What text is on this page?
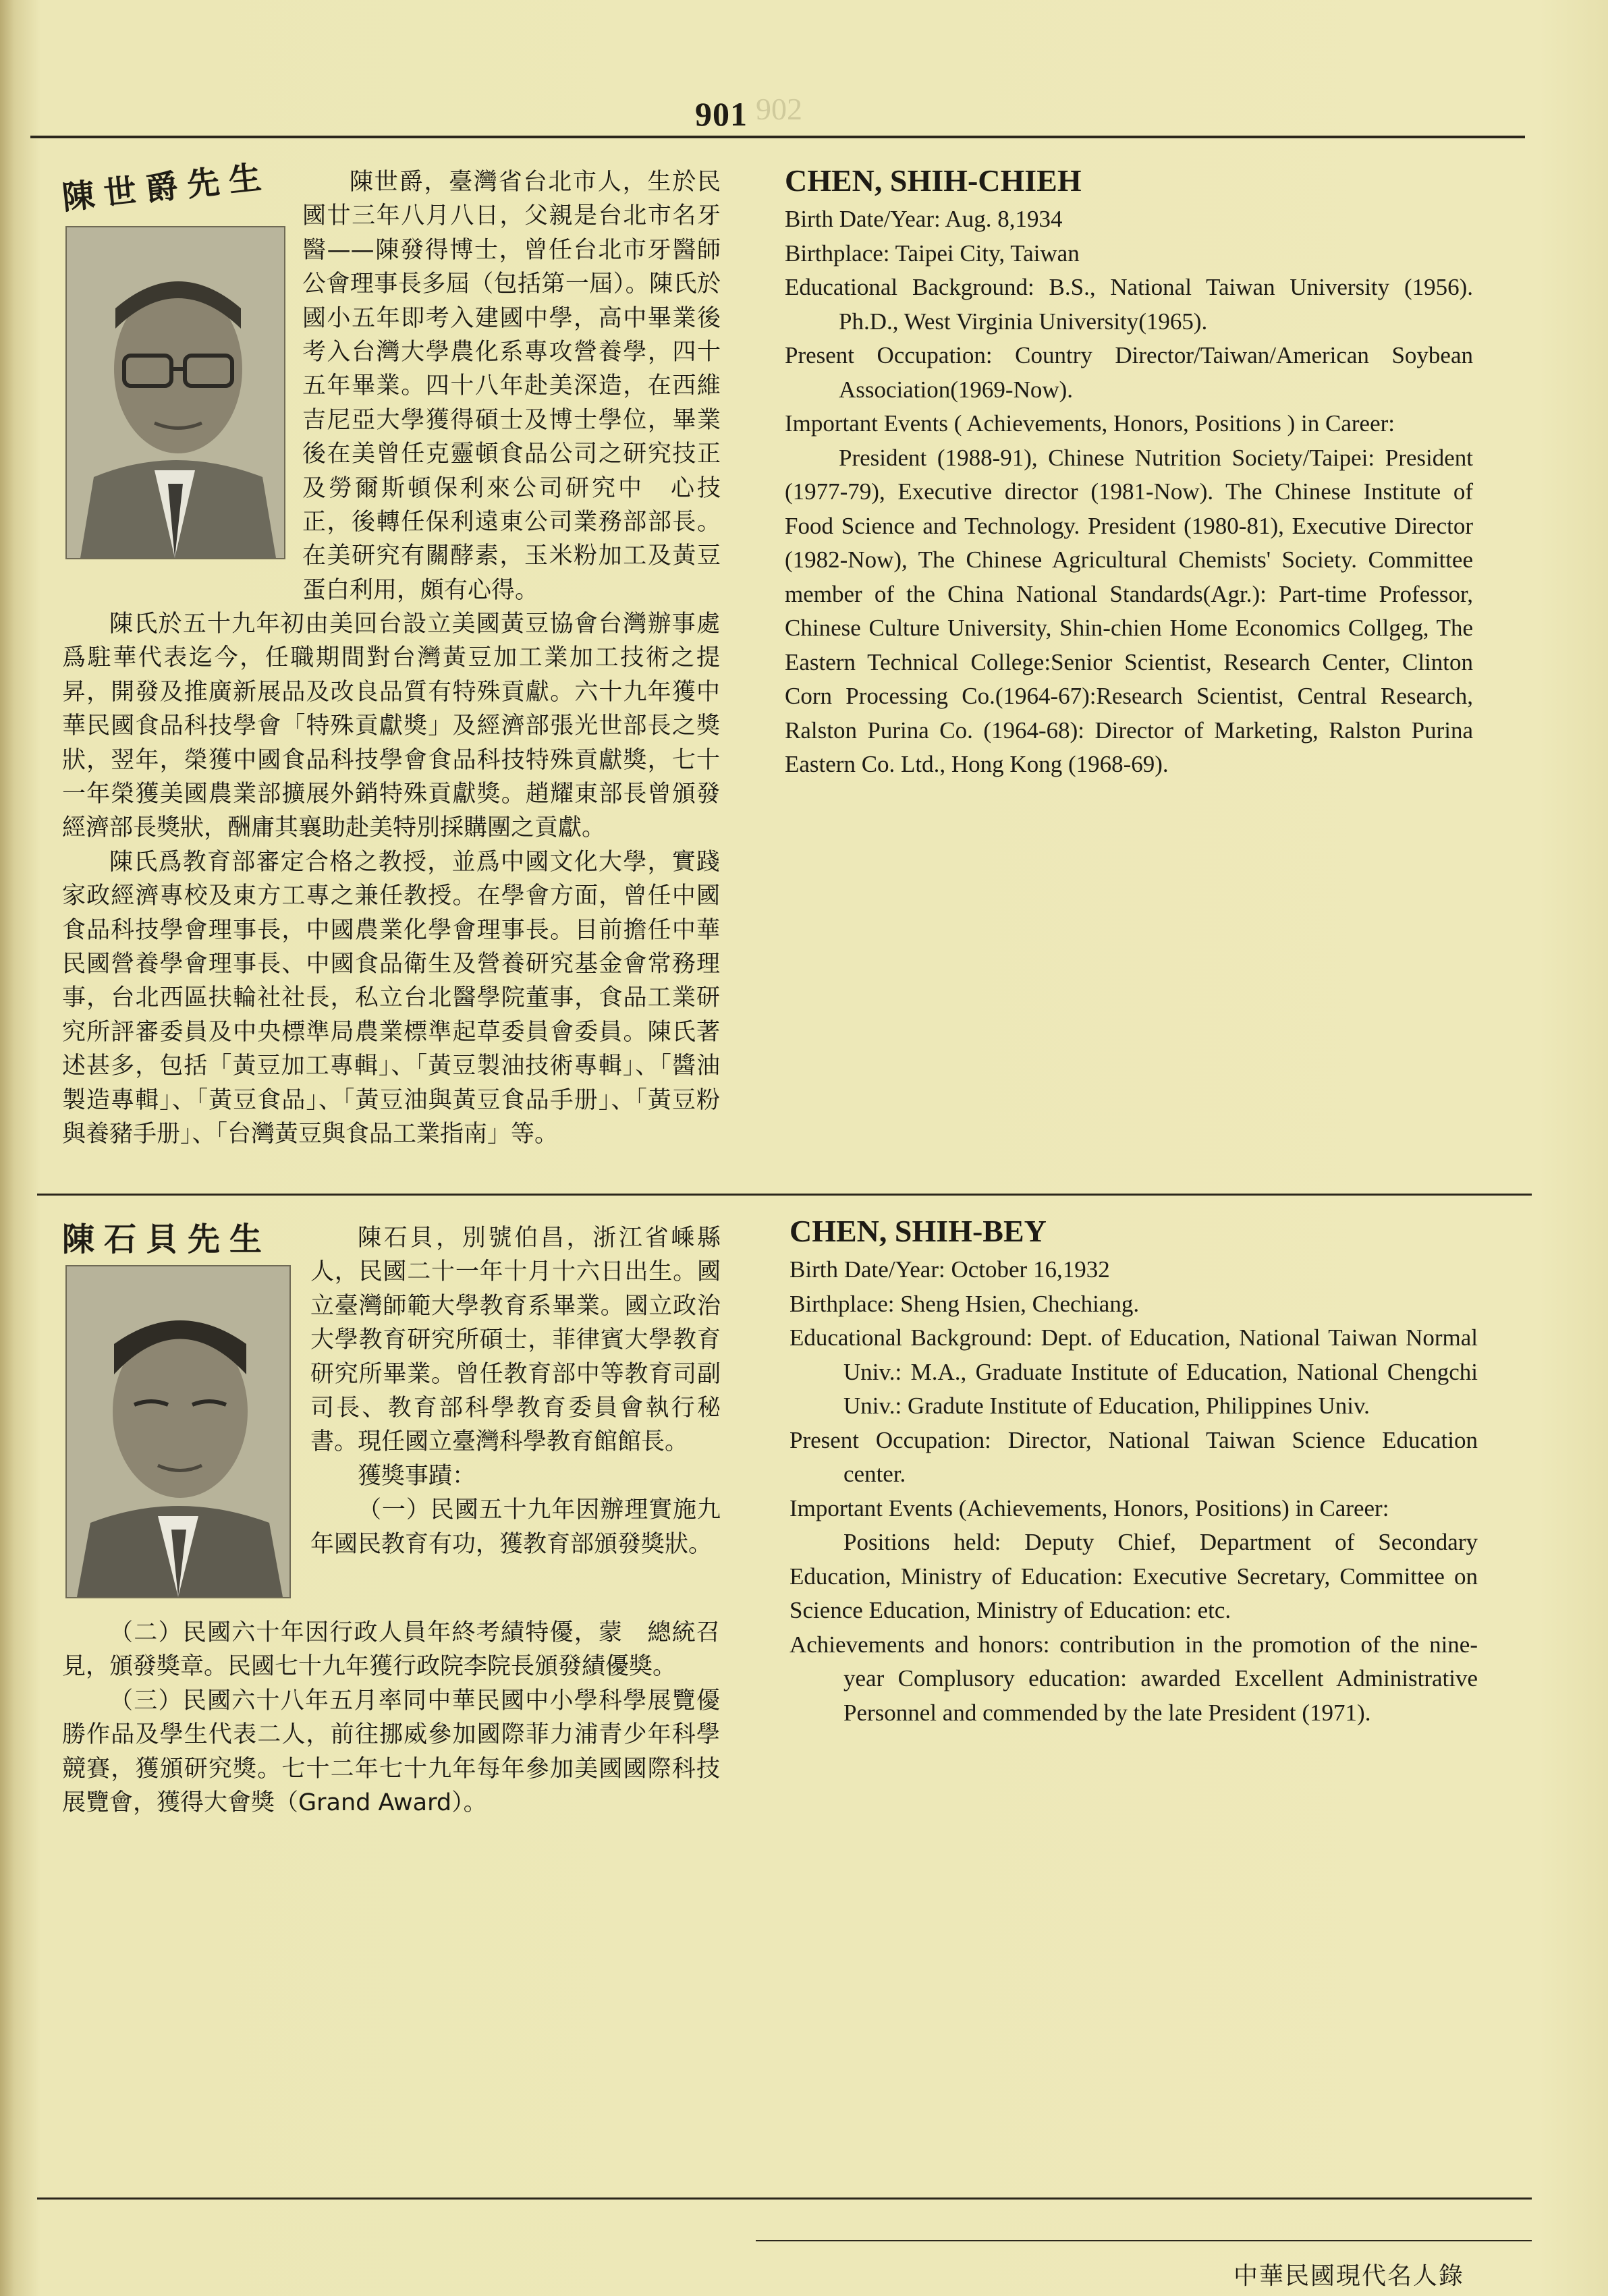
902
901
陳世爵先生	陳世爵，臺灣省台北市人，生於民國廿三年八月八日，父親是台北市名牙醫——陳發得博士，曾任台北市牙醫師公會理事長多屆（包括第一屆）。陳氏於國小五年即考入建國中學，高中畢業後考入台灣大學農化系專攻營養學，四十五年畢業。四十八年赴美深造，在西維吉尼亞大學獲得碩士及博士學位，畢業後在美曾任克靈頓食品公司之研究技正及勞爾斯頓保利來公司研究中　心技正，後轉任保利遠東公司業務部部長。在美研究有關酵素，玉米粉加工及黃豆蛋白利用，頗有心得。

陳氏於五十九年初由美回台設立美國黃豆協會台灣辦事處爲駐華代表迄今，任職期間對台灣黃豆加工業加工技術之提昇，開發及推廣新展品及改良品質有特殊貢獻。六十九年獲中華民國食品科技學會「特殊貢獻獎」及經濟部張光世部長之獎狀，翌年，榮獲中國食品科技學會食品科技特殊貢獻獎，七十一年榮獲美國農業部擴展外銷特殊貢獻獎。趙耀東部長曾頒發經濟部長獎狀，酬庸其襄助赴美特別採購團之貢獻。

陳氏爲教育部審定合格之教授，並爲中國文化大學，實踐家政經濟專校及東方工專之兼任教授。在學會方面，曾任中國食品科技學會理事長，中國農業化學會理事長。目前擔任中華民國營養學會理事長、中國食品衛生及營養研究基金會常務理事，台北西區扶輪社社長，私立台北醫學院董事，食品工業研究所評審委員及中央標準局農業標準起草委員會委員。陳氏著述甚多，包括「黃豆加工專輯」、「黃豆製油技術專輯」、「醬油製造專輯」、「黃豆食品」、「黃豆油與黃豆食品手册」、「黃豆粉與養豬手册」、「台灣黃豆與食品工業指南」等。

CHEN, SHIH-CHIEH
Birth Date/Year: Aug. 8,1934
Birthplace: Taipei City, Taiwan
Educational Background: B.S., National Taiwan University (1956). Ph.D., West Virginia University(1965).
Present Occupation: Country Director/Taiwan/American Soybean Association(1969-Now).
Important Events ( Achievements, Honors, Positions ) in Career:

President (1988-91), Chinese Nutrition Society/Taipei: President (1977-79), Executive director (1981-Now). The Chinese Institute of Food Science and Technology. President (1980-81), Executive Director (1982-Now), The Chinese Agricultural Chemists' Society. Committee member of the China National Standards(Agr.): Part-time Professor, Chinese Culture University, Shin-chien Home Economics Collgeg, The Eastern Technical College:Senior Scientist, Research Center, Clinton Corn Processing Co.(1964-67):Research Scientist, Central Research, Ralston Purina Co. (1964-68): Director of Marketing, Ralston Purina Eastern Co. Ltd., Hong Kong (1968-69).

陳石貝先生	陳石貝，別號伯昌，浙江省嵊縣人，民國二十一年十月十六日出生。國立臺灣師範大學教育系畢業。國立政治大學教育研究所碩士，菲律賓大學教育研究所畢業。曾任教育部中等教育司副司長、教育部科學教育委員會執行秘書。現任國立臺灣科學教育館館長。

獲獎事蹟：

（一）民國五十九年因辦理實施九年國民教育有功，獲教育部頒發獎狀。

（二）民國六十年因行政人員年終考績特優，蒙　總統召見，頒發獎章。民國七十九年獲行政院李院長頒發績優獎。

（三）民國六十八年五月率同中華民國中小學科學展覽優勝作品及學生代表二人，前往挪威參加國際菲力浦青少年科學競賽，獲頒研究獎。七十二年七十九年每年參加美國國際科技展覽會，獲得大會獎（Grand Award）。

CHEN, SHIH-BEY
Birth Date/Year: October 16,1932
Birthplace: Sheng Hsien, Chechiang.
Educational Background: Dept. of Education, National Taiwan Normal Univ.: M.A., Graduate Institute of Education, National Chengchi Univ.: Gradute Institute of Education, Philippines Univ.
Present Occupation: Director, National Taiwan Science Education center.
Important Events (Achievements, Honors, Positions) in Career:

Positions held: Deputy Chief, Department of Secondary Education, Ministry of Education: Executive Secretary, Committee on Science Education, Ministry of Education: etc.

Achievements and honors: contribution in the promotion of the nine-year Complusory education: awarded Excellent Administrative Personnel and commended by the late President (1971).
中華民國現代名人錄
